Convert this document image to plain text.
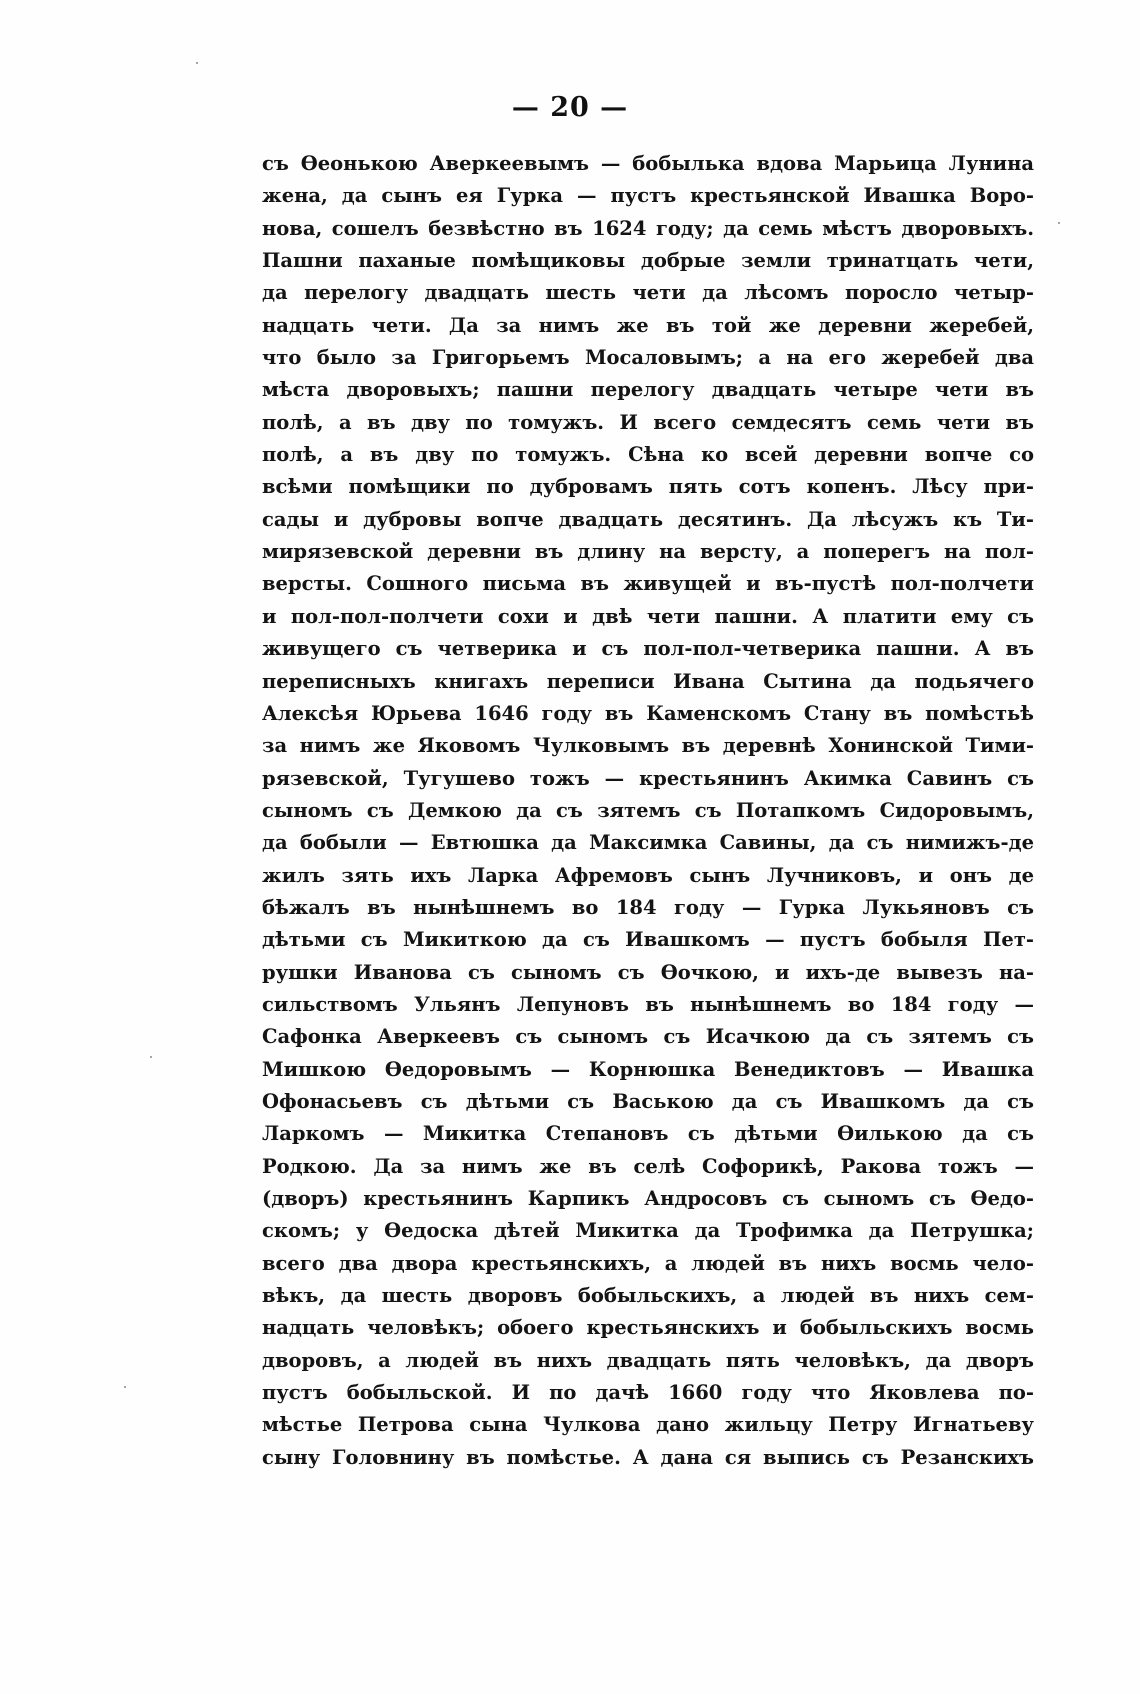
— 20 —
съ Ѳеонькою Аверкеевымъ — бобылька вдова Марьица Лунина
жена, да сынъ ея Гурка — пустъ крестьянской Ивашка Воро-
нова, сошелъ безвѣстно въ 1624 году; да семь мѣстъ дворовыхъ.
Пашни паханые помѣщиковы добрые земли тринатцать чети,
да перелогу двадцать шесть чети да лѣсомъ поросло четыр-
надцать чети. Да за нимъ же въ той же деревни жеребей,
что было за Григорьемъ Мосаловымъ; а на его жеребей два
мѣста дворовыхъ; пашни перелогу двадцать четыре чети въ
полѣ, а въ дву по томужъ. И всего семдесятъ семь чети въ
полѣ, а въ дву по томужъ. Сѣна ко всей деревни вопче со
всѣми помѣщики по дубровамъ пять сотъ копенъ. Лѣсу при-
сады и дубровы вопче двадцать десятинъ. Да лѣсужъ къ Ти-
мирязевской деревни въ длину на версту, а поперегъ на пол-
версты. Сошного письма въ живущей и въ-пустѣ пол-полчети
и пол-пол-полчети сохи и двѣ чети пашни. А платити ему съ
живущего съ четверика и съ пол-пол-четверика пашни. А въ
переписныхъ книгахъ переписи Ивана Сытина да подьячего
Алексѣя Юрьева 1646 году въ Каменскомъ Стану въ помѣстьѣ
за нимъ же Яковомъ Чулковымъ въ деревнѣ Хонинской Тими-
рязевской, Тугушево тожъ — крестьянинъ Акимка Савинъ съ
сыномъ съ Демкою да съ зятемъ съ Потапкомъ Сидоровымъ,
да бобыли — Евтюшка да Максимка Савины, да съ нимижъ-де
жилъ зять ихъ Ларка Афремовъ сынъ Лучниковъ, и онъ де
бѣжалъ въ нынѣшнемъ во 184 году — Гурка Лукьяновъ съ
дѣтьми съ Микиткою да съ Ивашкомъ — пустъ бобыля Пет-
рушки Иванова съ сыномъ съ Ѳочкою, и ихъ-де вывезъ на-
сильствомъ Ульянъ Лепуновъ въ нынѣшнемъ во 184 году —
Сафонка Аверкеевъ съ сыномъ съ Исачкою да съ зятемъ съ
Мишкою Ѳедоровымъ — Корнюшка Венедиктовъ — Ивашка
Офонасьевъ съ дѣтьми съ Ваською да съ Ивашкомъ да съ
Ларкомъ — Микитка Степановъ съ дѣтьми Ѳилькою да съ
Родкою. Да за нимъ же въ селѣ Софорикѣ, Ракова тожъ —
(дворъ) крестьянинъ Карпикъ Андросовъ съ сыномъ съ Ѳедо-
скомъ; у Ѳедоска дѣтей Микитка да Трофимка да Петрушка;
всего два двора крестьянскихъ, а людей въ нихъ восмь чело-
вѣкъ, да шесть дворовъ бобыльскихъ, а людей въ нихъ сем-
надцать человѣкъ; обоего крестьянскихъ и бобыльскихъ восмь
дворовъ, а людей въ нихъ двадцать пять человѣкъ, да дворъ
пустъ бобыльской. И по дачѣ 1660 году что Яковлева по-
мѣстье Петрова сына Чулкова дано жильцу Петру Игнатьеву
сыну Головнину въ помѣстье. А дана ся выпись съ Резанскихъ
